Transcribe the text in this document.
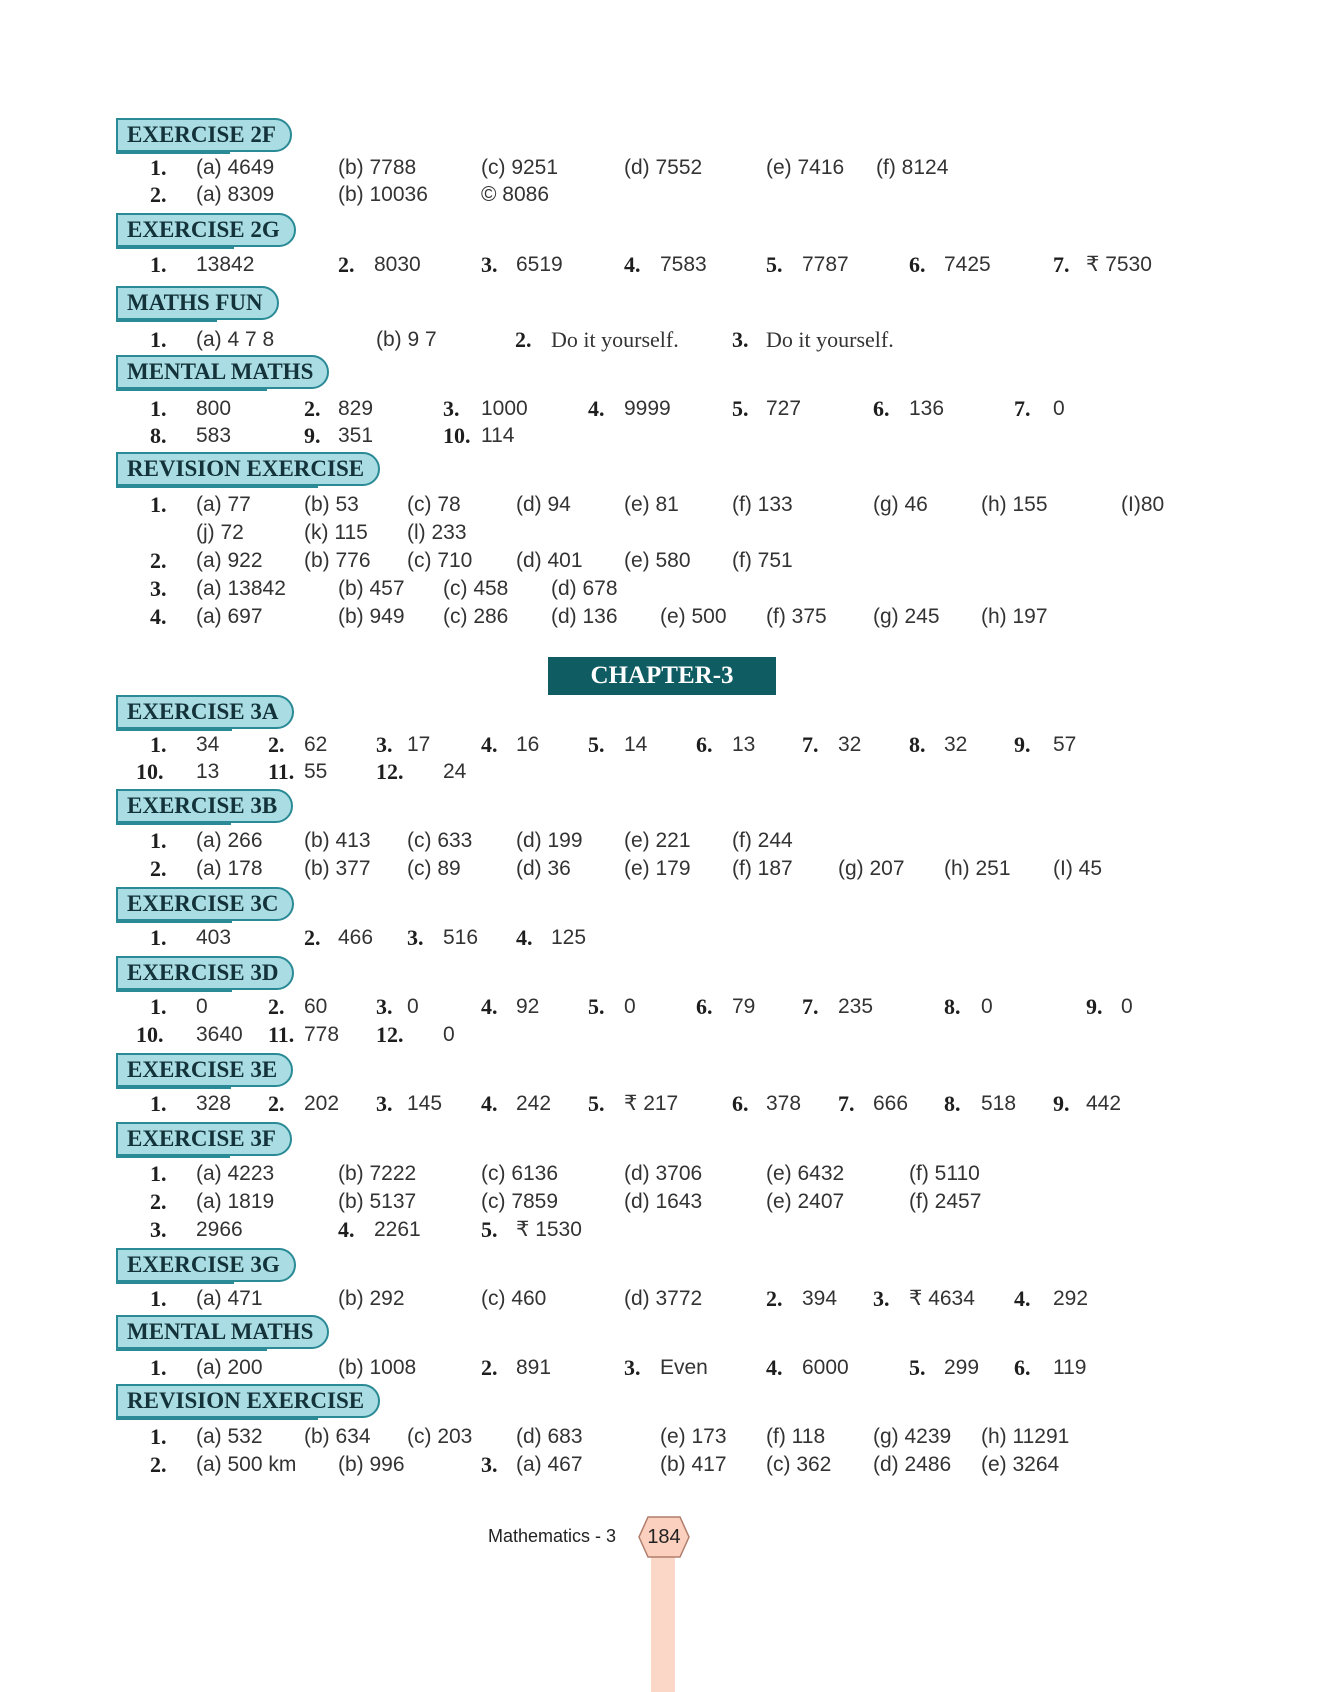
EXERCISE 2F
1. (a) 4649	(b) 7788	(c) 9251	(d) 7552	(e) 7416 (f) 8124
2. (a) 8309	(b) 10036	© 8086
EXERCISE 2G
1. 13842	2. 8030	3. 6519	4. 7583	5. 7787	6. 7425	7. ₹ 7530
MATHS FUN
1. (a) 4 7 8	(b) 9 7	2. Do it yourself. 3. Do it yourself.
MENTAL MATHS
1. 800	2. 829	3. 1000	4. 9999	5. 727	6. 136	7. 0
8. 583	9. 351	10. 114
REVISION EXERCISE
1. (a) 77	(b) 53 (c) 78	(d) 94	(e) 81	(f) 133	(g) 46	(h) 155	(I)80
(j) 72	(k) 115 (l) 233
2. (a) 922 (b) 776 (c) 710 (d) 401 (e) 580 (f) 751
3. (a) 13842 (b) 457 (c) 458 (d) 678
4. (a) 697	(b) 949 (c) 286 (d) 136 (e) 500 (f) 375 (g) 245 (h) 197
CHAPTER-3
EXERCISE 3A
1. 34 2. 62 3. 17 4. 16 5. 14 6. 13 7. 32 8. 32 9. 57
10. 13 11. 55 12. 24
EXERCISE 3B
1. (a) 266 (b) 413 (c) 633 (d) 199 (e) 221 (f) 244
2. (a) 178 (b) 377 (c) 89	(d) 36	(e) 179 (f) 187 (g) 207 (h) 251 (I) 45
EXERCISE 3C
1. 403	2. 466 3. 516 4. 125
EXERCISE 3D
1. 0	2. 60 3. 0	4. 92 5. 0	6. 79 7. 235	8. 0	9. 0
10. 3640 11. 778 12. 0
EXERCISE 3E
1. 328 2. 202 3. 145 4. 242 5. ₹ 217 6. 378 7. 666 8. 518 9. 442
EXERCISE 3F
1. (a) 4223	(b) 7222	(c) 6136	(d) 3706	(e) 6432	(f) 5110
2. (a) 1819	(b) 5137	(c) 7859	(d) 1643	(e) 2407	(f) 2457
3. 2966	4. 2261	5. ₹ 1530
EXERCISE 3G
1. (a) 471	(b) 292	(c) 460	(d) 3772	2. 394 3. ₹ 4634 4. 292
MENTAL MATHS
1. (a) 200	(b) 1008	2. 891	3. Even	4. 6000	5. 299 6. 119
REVISION EXERCISE
1. (a) 532 (b) 634 (c) 203 (d) 683	(e) 173 (f) 118 (g) 4239 (h) 11291
2. (a) 500 km (b) 996	3. (a) 467	(b) 417 (c) 362 (d) 2486 (e) 3264
Mathematics - 3	184
